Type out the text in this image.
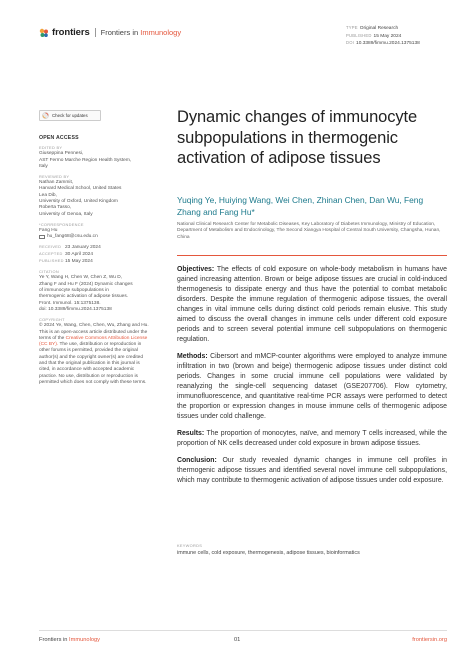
frontiers Frontiers in Immunology
TYPE Original Research
PUBLISHED 15 May 2024
DOI 10.3389/fimmu.2024.1375138
Check for updates
OPEN ACCESS
EDITED BY
Giuseppina Pennesi,
AST Fermo Marche Region Health System,
Italy
REVIEWED BY
Nathan Zammit,
Harvard Medical School, United States
Lea Dib,
University of Oxford, United Kingdom
Roberta Tasso,
University of Genoa, Italy
*CORRESPONDENCE
Fang Hu
hu_fang68@csu.edu.cn
RECEIVED 23 January 2024
ACCEPTED 30 April 2024
PUBLISHED15 May 2024
CITATION
Ye Y, Wang H, Chen W, Chen Z, Wu D,
Zhang F and Hu F (2024) Dynamic changes
of immunocyte subpopulations in
thermogenic activation of adipose tissues.
Front. Immunol. 15:1375138.
doi: 10.3389/fimmu.2024.1375138
COPYRIGHT
© 2024 Ye, Wang, Chen, Chen, Wu, Zhang and Hu. This is an open-access article distributed under the terms of the Creative Commons Attribution License (CC BY). The use, distribution or reproduction in other forums is permitted, provided the original author(s) and the copyright owner(s) are credited and that the original publication in this journal is cited, in accordance with accepted academic practice. No use, distribution or reproduction is permitted which does not comply with these terms.
Dynamic changes of immunocyte subpopulations in thermogenic activation of adipose tissues
Yuqing Ye, Huiying Wang, Wei Chen, Zhinan Chen, Dan Wu, Feng Zhang and Fang Hu*
National Clinical Research Center for Metabolic Diseases, Key Laboratory of Diabetes Immunology, Ministry of Education, Department of Metabolism and Endocrinology, The Second Xiangya Hospital of Central South University, Changsha, Hunan, China

Objectives: The effects of cold exposure on whole-body metabolism in humans have gained increasing attention. Brown or beige adipose tissues are crucial in cold-induced thermogenesis to dissipate energy and thus have the potential to combat metabolic disorders. Despite the immune regulation of thermogenic adipose tissues, the overall changes in vital immune cells during distinct cold periods remain elusive. This study aimed to discuss the overall changes in immune cells under different cold exposure periods and to screen several potential immune cell subpopulations on thermogenic regulation.

Methods: Cibersort and mMCP-counter algorithms were employed to analyze immune infiltration in two (brown and beige) thermogenic adipose tissues under distinct cold periods. Changes in some crucial immune cell populations were validated by reanalyzing the single-cell sequencing dataset (GSE207706). Flow cytometry, immunofluorescence, and quantitative real-time PCR assays were performed to detect the proportion or expression changes in mouse immune cells of thermogenic adipose tissues under cold challenge.

Results: The proportion of monocytes, naïve, and memory T cells increased, while the proportion of NK cells decreased under cold exposure in brown adipose tissues.

Conclusion: Our study revealed dynamic changes in immune cell profiles in thermogenic adipose tissues and identified several novel immune cell subpopulations, which may contribute to thermogenic activation of adipose tissues under cold exposure.

KEYWORDS
immune cells, cold exposure, thermogenesis, adipose tissues, bioinformatics
Frontiers in Immunology	01	frontiersin.org
